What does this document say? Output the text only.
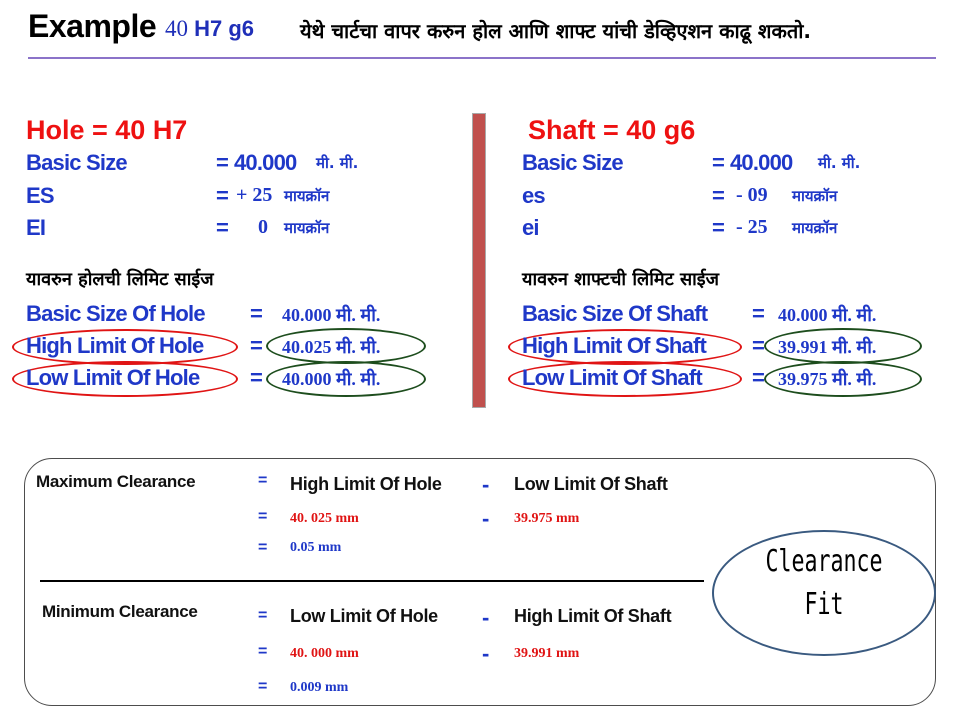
Example 40 H7 g6 येथे चार्टचा वापर करुन होल आणि शाफ्ट यांची डेव्हिएशन काढू शकतो.
Hole = 40 H7
Basic Size	= 40.000 मी. मी.
ES	= + 25 मायक्रॉन
EI	= 0 मायक्रॉन
यावरुन होलची लिमिट साईज
Basic Size Of Hole = 40.000 मी. मी.
High Limit Of Hole = 40.025 मी. मी.
Low Limit Of Hole = 40.000 मी. मी.
Shaft = 40 g6
Basic Size	= 40.000 मी. मी.
es	= - 09 मायक्रॉन
ei	= - 25 मायक्रॉन
यावरुन शाफ्टची लिमिट साईज
Basic Size Of Shaft = 40.000 मी. मी.
High Limit Of Shaft = 39.991 मी. मी.
Low Limit Of Shaft = 39.975 मी. मी.
Maximum Clearance	= High Limit Of Hole - Low Limit Of Shaft
= 40. 025 mm	- 39.975 mm
= 0.05 mm
Minimum Clearance	= Low Limit Of Hole - High Limit Of Shaft
= 40. 000 mm	- 39.991 mm
= 0.009 mm
Clearance
Fit
